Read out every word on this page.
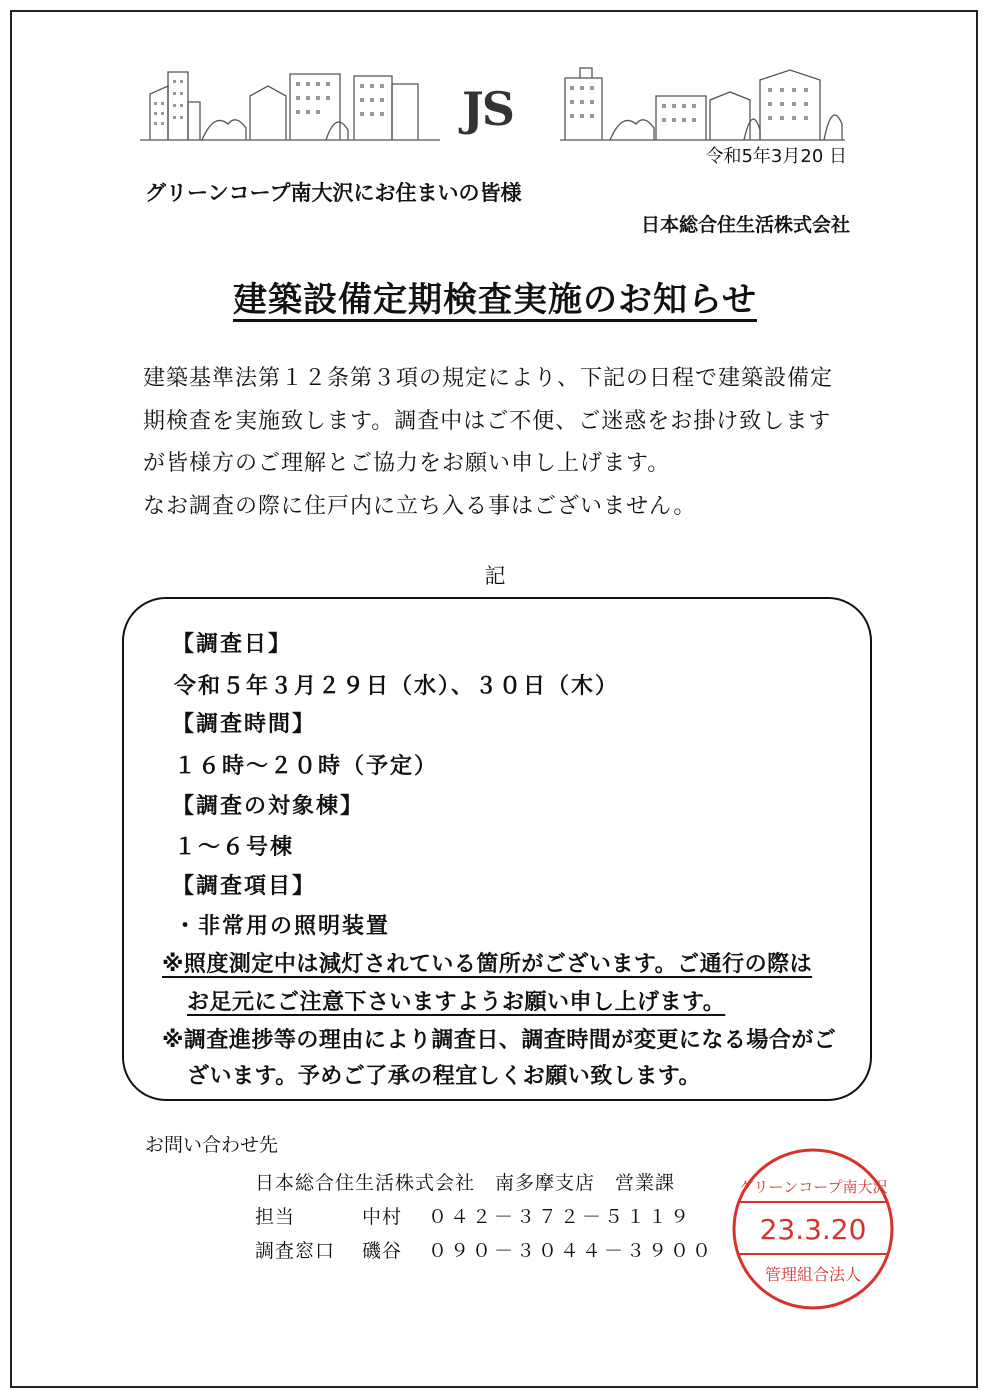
JS
令和5年3月20 日
グリーンコープ南大沢にお住まいの皆様
日本総合住生活株式会社
建築設備定期検査実施のお知らせ

建築基準法第１２条第３項の規定により、下記の日程で建築設備定

期検査を実施致します。調査中はご不便、ご迷惑をお掛け致します

が皆様方のご理解とご協力をお願い申し上げます。

なお調査の際に住戸内に立ち入る事はございません。

記
【調査日】
令和５年３月２９日（水）、３０日（木）
【調査時間】
１６時～２０時（予定）
【調査の対象棟】
１～６号棟
【調査項目】
・非常用の照明装置
※照度測定中は減灯されている箇所がございます。ご通行の際は
お足元にご注意下さいますようお願い申し上げます。
※調査進捗等の理由により調査日、調査時間が変更になる場合がご
ざいます。予めご了承の程宜しくお願い致します。
お問い合わせ先
日本総合住生活株式会社　南多摩支店　営業課
担当	中村 ０４２－３７２－５１１９
調査窓口 磯谷 ０９０－３０４４－３９００
グリーンコープ南大沢
23.3.20
管理組合法人
